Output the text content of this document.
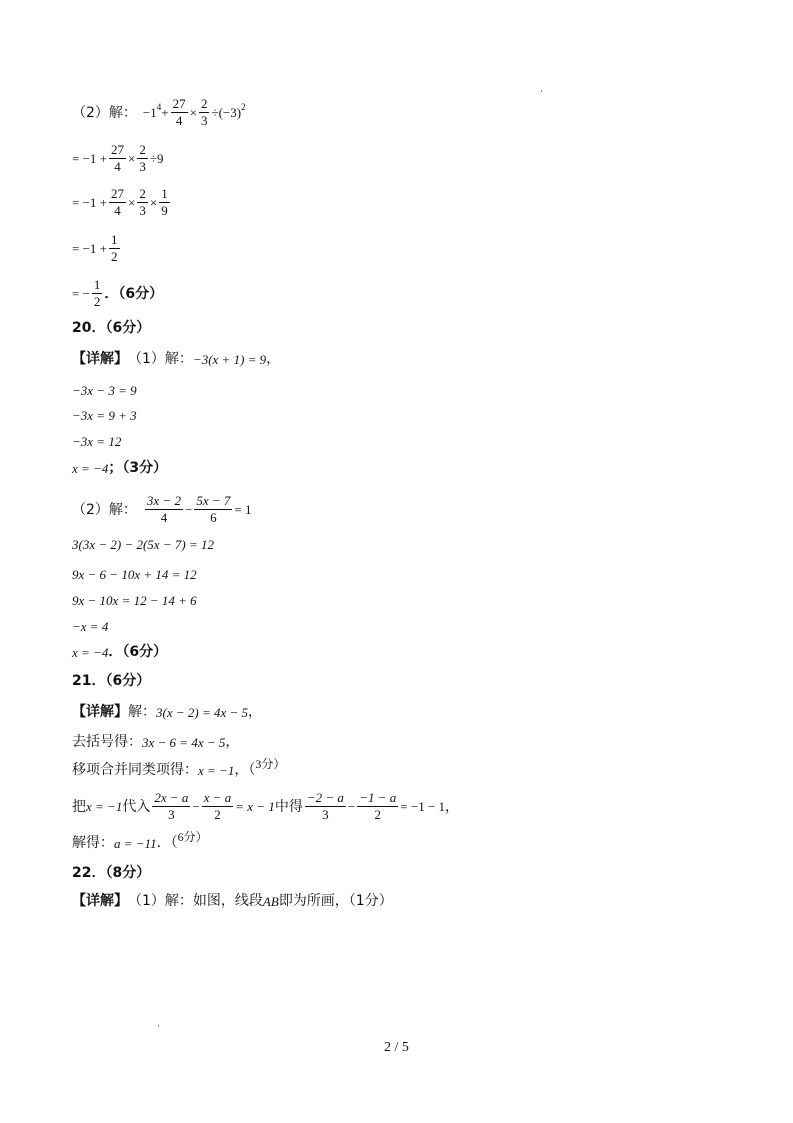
（2）解： $-1^4 + \frac{27}{4} \times \frac{2}{3} \div (-3)^2$
= $-1 + \frac{27}{4} \times \frac{2}{3} \div 9$
= $-1 + \frac{27}{4} \times \frac{2}{3} \times \frac{1}{9}$
= $-1 + \frac{1}{2}$
= − $\frac{1}{2}$ ．（6分）
20．（6分）
【详解】 （1）解： −3(x + 1) = 9 ，
−3x − 3 = 9
−3x = 9 + 3
−3x = 12
x = −4 ；（3分）
（2）解： $\frac{3x - 2}{4} - \frac{5x - 7}{6} = 1$
3(3x − 2) − 2(5x − 7) = 12
9x − 6 − 10x + 14 = 12
9x − 10x = 12 − 14 + 6
−x = 4
x = −4 ．（6分）
21．（6分）
【详解】 解： 3(x − 2) = 4x − 5 ，
去括号得： 3x − 6 = 4x − 5 ，
移项合并同类项得： x = −1 ，（ 3分）
把 x = −1 代入 $\frac{2x - a}{3} - \frac{x - a}{2} = x - 1$ 中得 $\frac{-2 - a}{3} - \frac{-1 - a}{2} = -1 - 1$ ，
解得： a = −11 ．（ 6分）
22．（8分）
【详解】 （1）解：如图，线段 AB 即为所画，（1分）
2 / 5
